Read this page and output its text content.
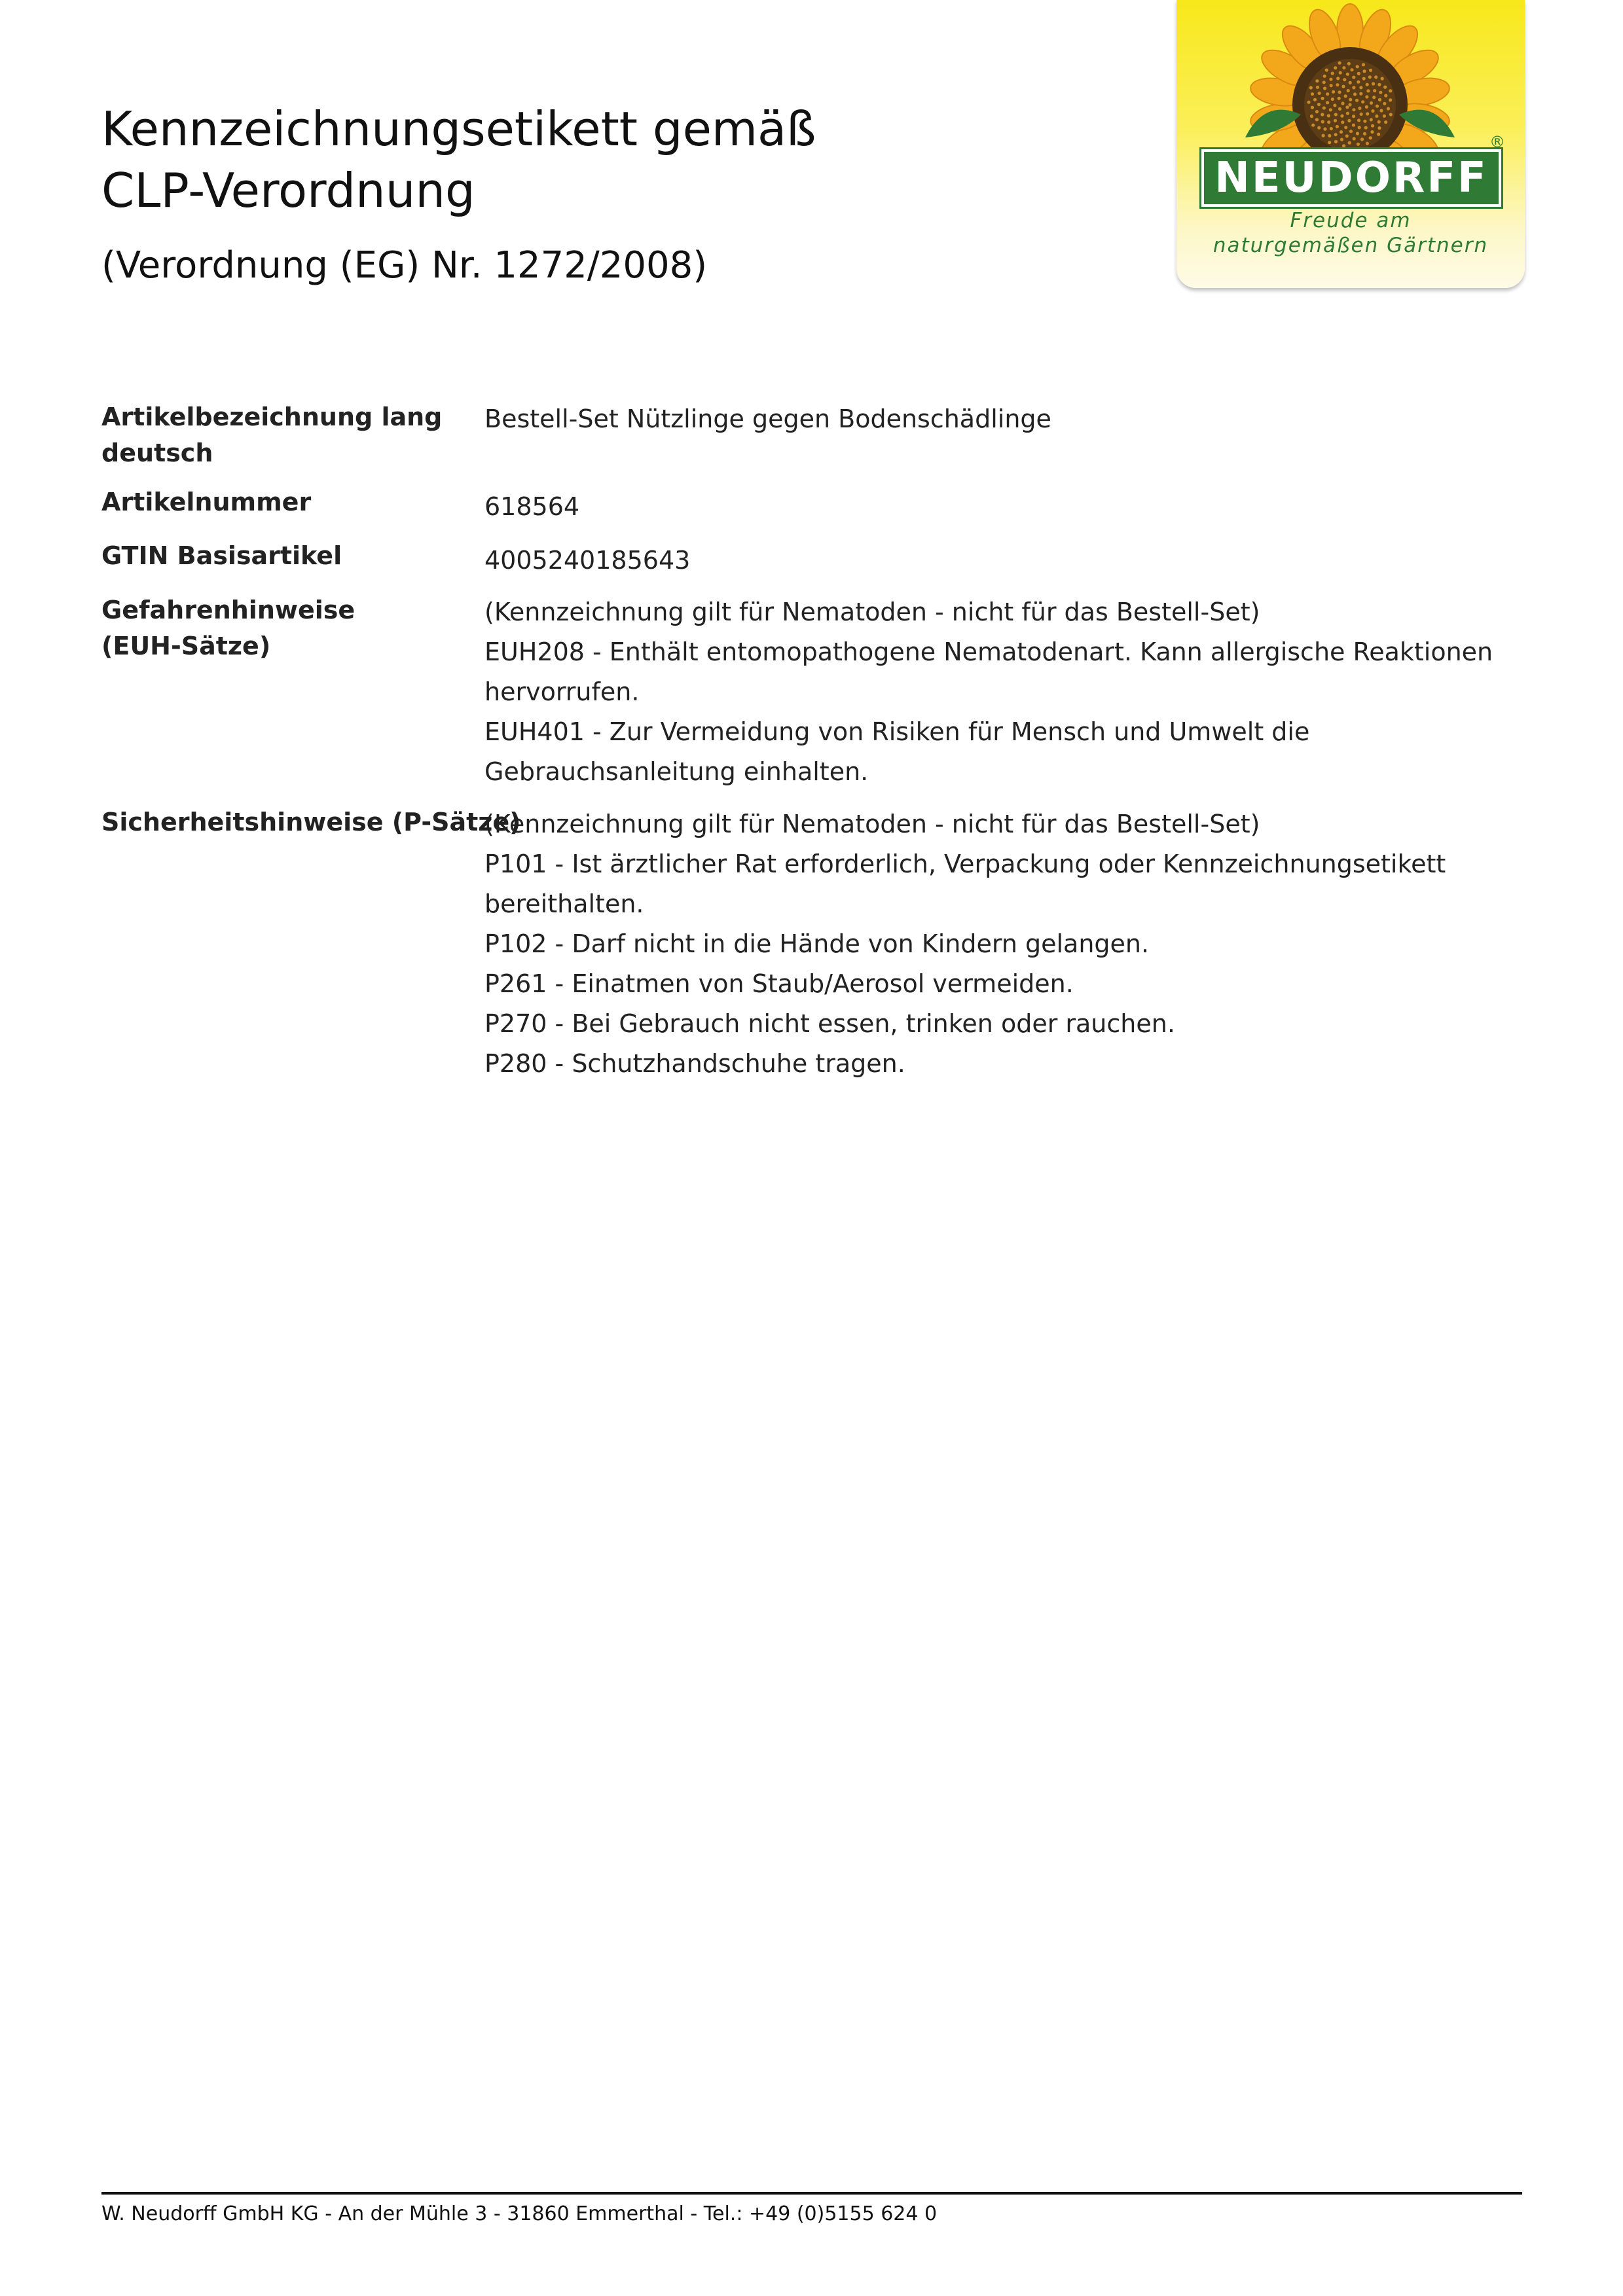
Kennzeichnungsetikett gemäß
CLP-Verordnung

(Verordnung (EG) Nr. 1272/2008)

NEUDORFF
Freude am
naturgemäßen Gärtnern
®
Artikelbezeichnung lang deutsch
Bestell-Set Nützlinge gegen Bodenschädlinge
Artikelnummer	618564
GTIN Basisartikel	4005240185643
Gefahrenhinweise (EUH-Sätze)
(Kennzeichnung gilt für Nematoden - nicht für das Bestell-Set)
EUH208 - Enthält entomopathogene Nematodenart. Kann allergische Reaktionen
hervorrufen.
EUH401 - Zur Vermeidung von Risiken für Mensch und Umwelt die
Gebrauchsanleitung einhalten.
Sicherheitshinweise (P-Sätze)
(Kennzeichnung gilt für Nematoden - nicht für das Bestell-Set)
P101 - Ist ärztlicher Rat erforderlich, Verpackung oder Kennzeichnungsetikett
bereithalten.
P102 - Darf nicht in die Hände von Kindern gelangen.
P261 - Einatmen von Staub/Aerosol vermeiden.
P270 - Bei Gebrauch nicht essen, trinken oder rauchen.
P280 - Schutzhandschuhe tragen.
W. Neudorff GmbH KG - An der Mühle 3 - 31860 Emmerthal - Tel.: +49 (0)5155 624 0
